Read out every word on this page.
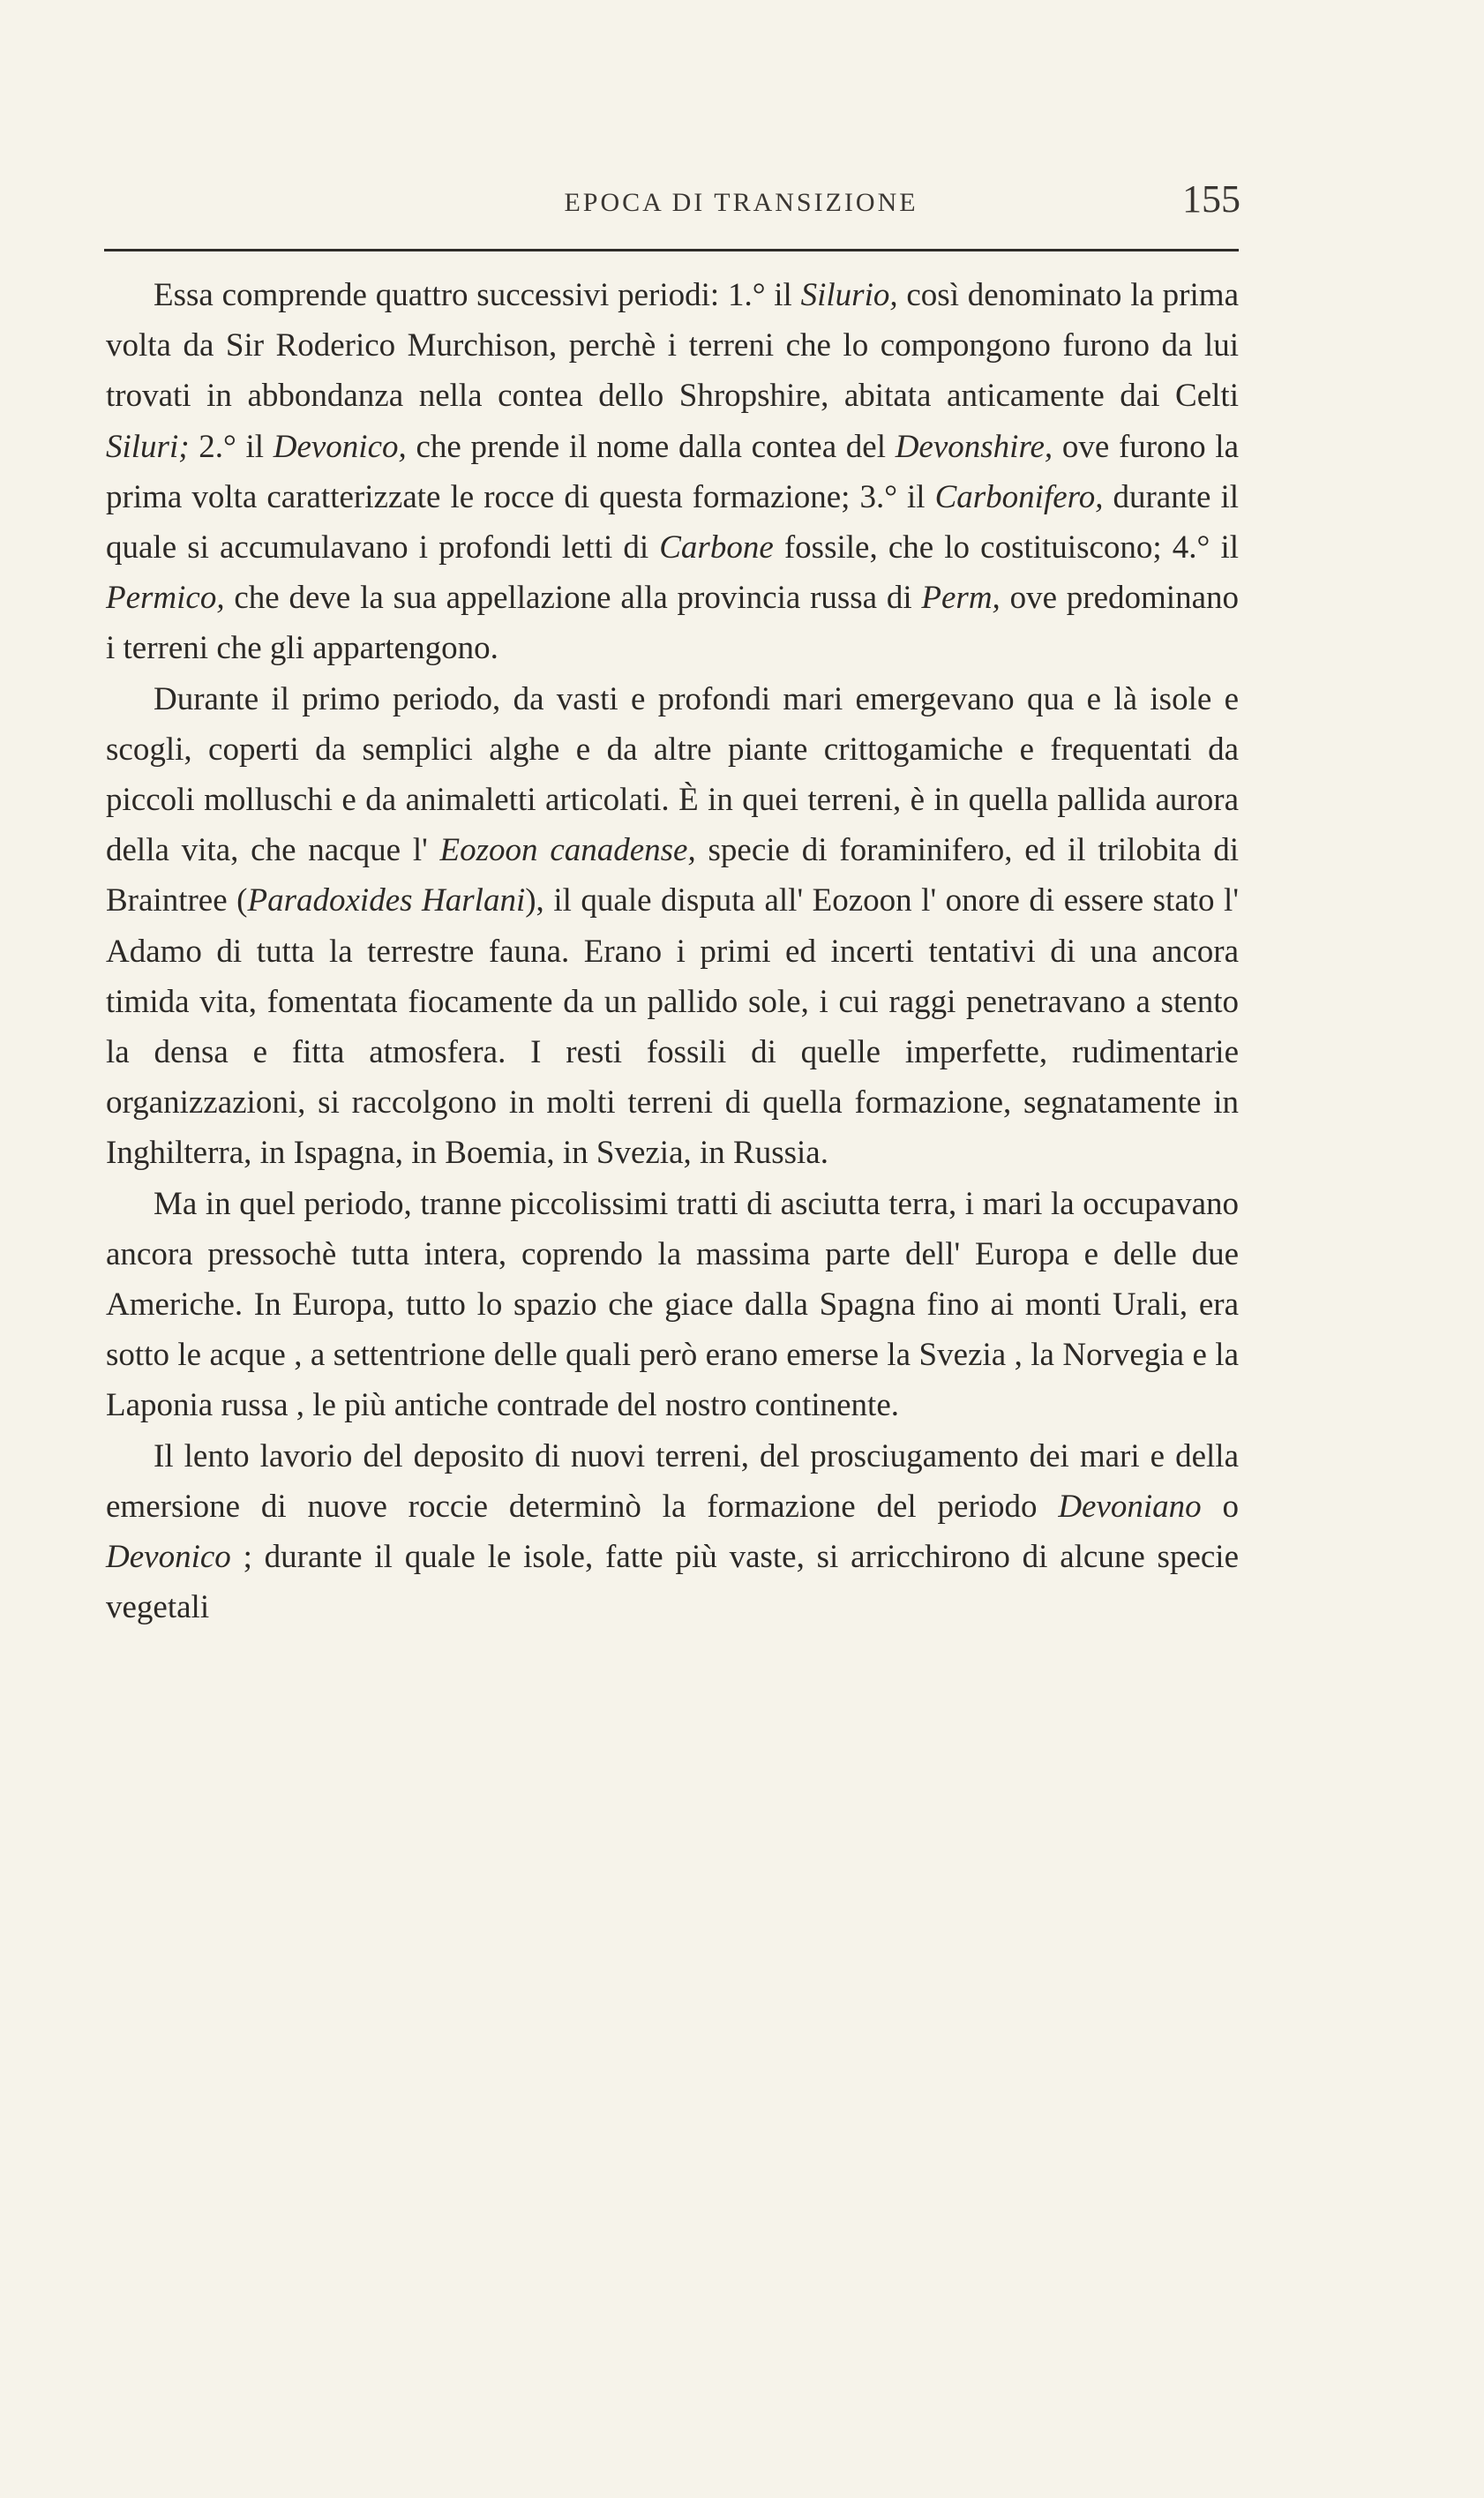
EPOCA DI TRANSIZIONE	155

Essa comprende quattro successivi periodi: 1.° il Silurio, così denominato la prima volta da Sir Roderico Murchison, perchè i terreni che lo compongono furono da lui trovati in abbondanza nella contea dello Shropshire, abitata anticamente dai Celti Siluri; 2.° il Devonico, che prende il nome dalla contea del Devonshire, ove furono la prima volta caratterizzate le rocce di questa formazione; 3.° il Carbonifero, durante il quale si accumulavano i profondi letti di Carbone fossile, che lo costituiscono; 4.° il Permico, che deve la sua appellazione alla provincia russa di Perm, ove predominano i terreni che gli appartengono.

Durante il primo periodo, da vasti e profondi mari emergevano qua e là isole e scogli, coperti da semplici alghe e da altre piante crittogamiche e frequentati da piccoli molluschi e da animaletti articolati. È in quei terreni, è in quella pallida aurora della vita, che nacque l' Eozoon canadense, specie di foraminifero, ed il trilobita di Braintree (Paradoxides Harlani), il quale disputa all' Eozoon l' onore di essere stato l' Adamo di tutta la terrestre fauna. Erano i primi ed incerti tentativi di una ancora timida vita, fomentata fiocamente da un pallido sole, i cui raggi penetravano a stento la densa e fitta atmosfera. I resti fossili di quelle imperfette, rudimentarie organizzazioni, si raccolgono in molti terreni di quella formazione, segnatamente in Inghilterra, in Ispagna, in Boemia, in Svezia, in Russia.

Ma in quel periodo, tranne piccolissimi tratti di asciutta terra, i mari la occupavano ancora pressochè tutta intera, coprendo la massima parte dell' Europa e delle due Americhe. In Europa, tutto lo spazio che giace dalla Spagna fino ai monti Urali, era sotto le acque , a settentrione delle quali però erano emerse la Svezia , la Norvegia e la Laponia russa , le più antiche contrade del nostro continente.

Il lento lavorio del deposito di nuovi terreni, del prosciugamento dei mari e della emersione di nuove roccie determinò la formazione del periodo Devoniano o Devonico ; durante il quale le isole, fatte più vaste, si arricchirono di alcune specie vegetali
